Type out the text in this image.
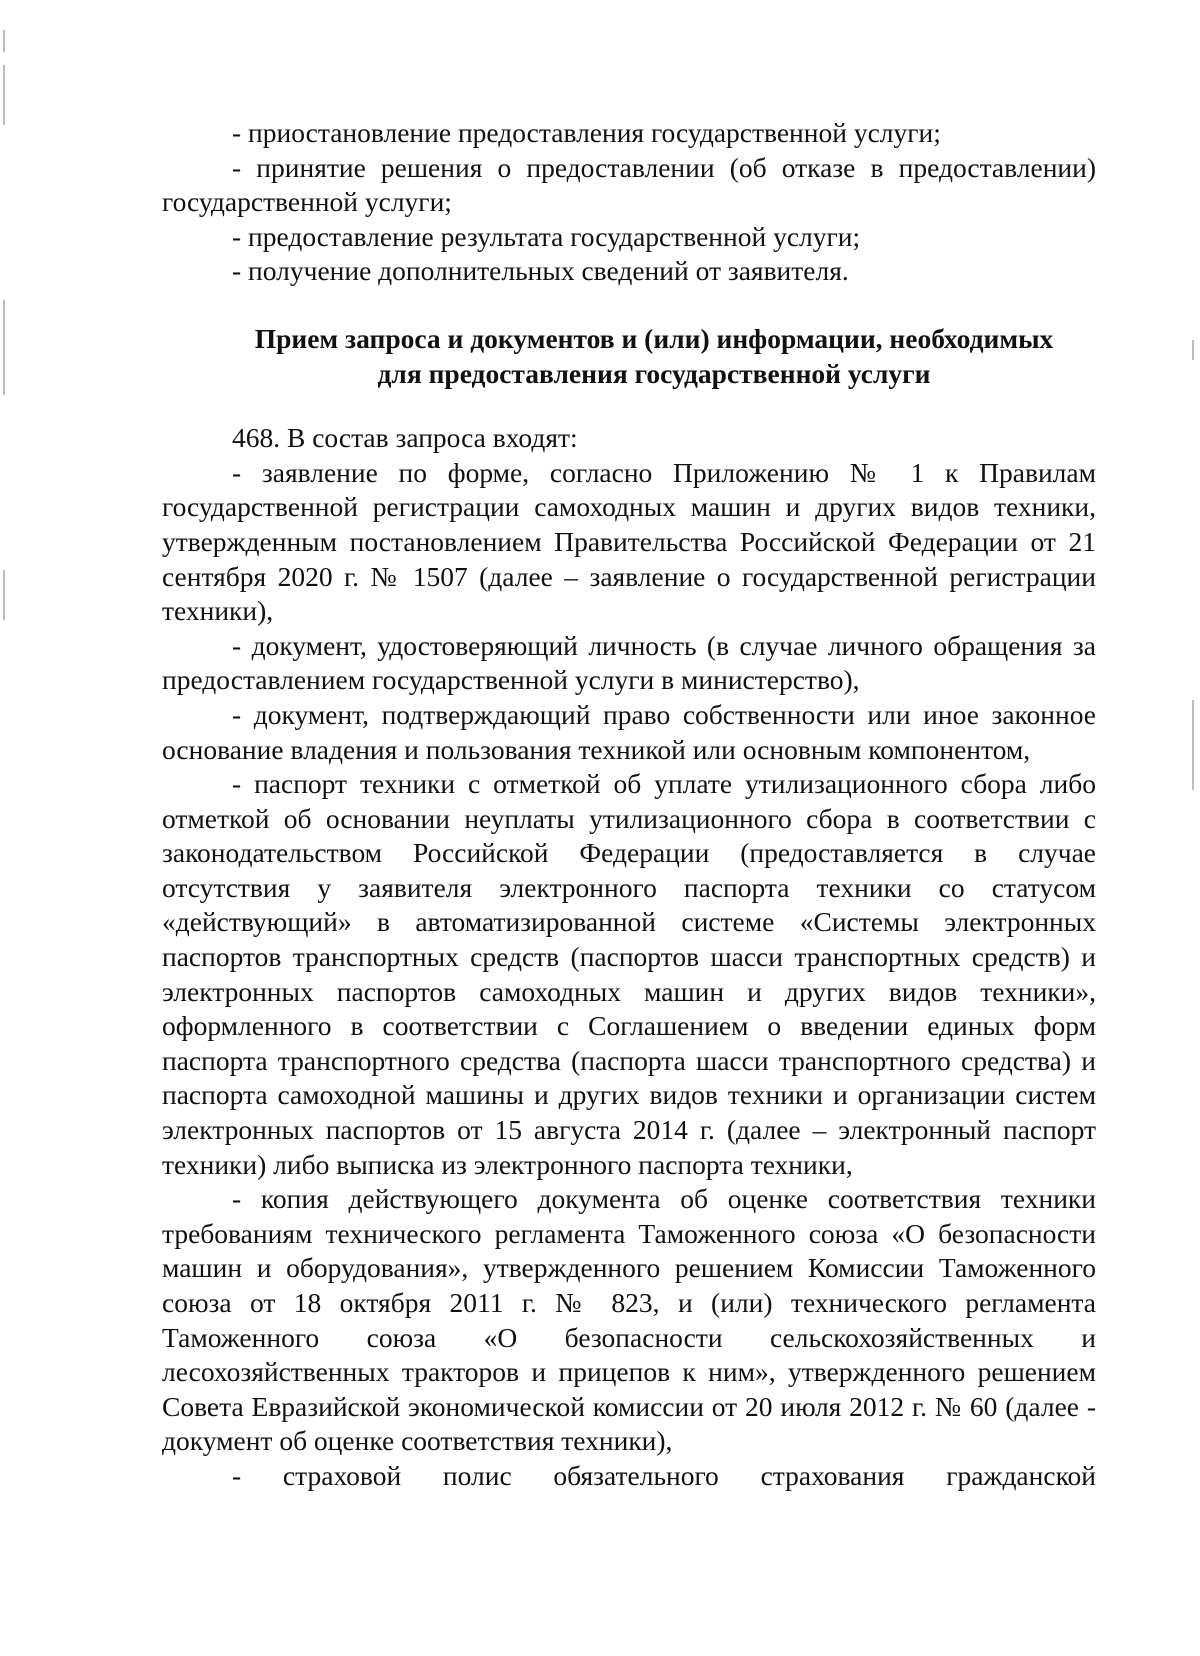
- приостановление предоставления государственной услуги;

- принятие решения о предоставлении (об отказе в предоставлении) государственной услуги;

- предоставление результата государственной услуги;

- получение дополнительных сведений от заявителя.

Прием запроса и документов и (или) информации, необходимых

для предоставления государственной услуги

468. В состав запроса входят:

- заявление по форме, согласно Приложению № 1 к Правилам государственной регистрации самоходных машин и других видов техники, утвержденным постановлением Правительства Российской Федерации от 21 сентября 2020 г. № 1507 (далее – заявление о государственной регистрации техники),

- документ, удостоверяющий личность (в случае личного обращения за предоставлением государственной услуги в министерство),

- документ, подтверждающий право собственности или иное законное основание владения и пользования техникой или основным компонентом,

- паспорт техники с отметкой об уплате утилизационного сбора либо отметкой об основании неуплаты утилизационного сбора в соответствии с законодательством Российской Федерации (предоставляется в случае отсутствия у заявителя электронного паспорта техники со статусом «действующий» в автоматизированной системе «Системы электронных паспортов транспортных средств (паспортов шасси транспортных средств) и электронных паспортов самоходных машин и других видов техники», оформленного в соответствии с Соглашением о введении единых форм паспорта транспортного средства (паспорта шасси транспортного средства) и паспорта самоходной машины и других видов техники и организации систем электронных паспортов от 15 августа 2014 г. (далее – электронный паспорт техники) либо выписка из электронного паспорта техники,

- копия действующего документа об оценке соответствия техники требованиям технического регламента Таможенного союза «О безопасности машин и оборудования», утвержденного решением Комиссии Таможенного союза от 18 октября 2011 г. № 823, и (или) технического регламента Таможенного союза «О безопасности сельскохозяйственных и лесохозяйственных тракторов и прицепов к ним», утвержденного решением Совета Евразийской экономической комиссии от 20 июля 2012 г. № 60 (далее - документ об оценке соответствия техники),

- страховой полис обязательного страхования гражданской
